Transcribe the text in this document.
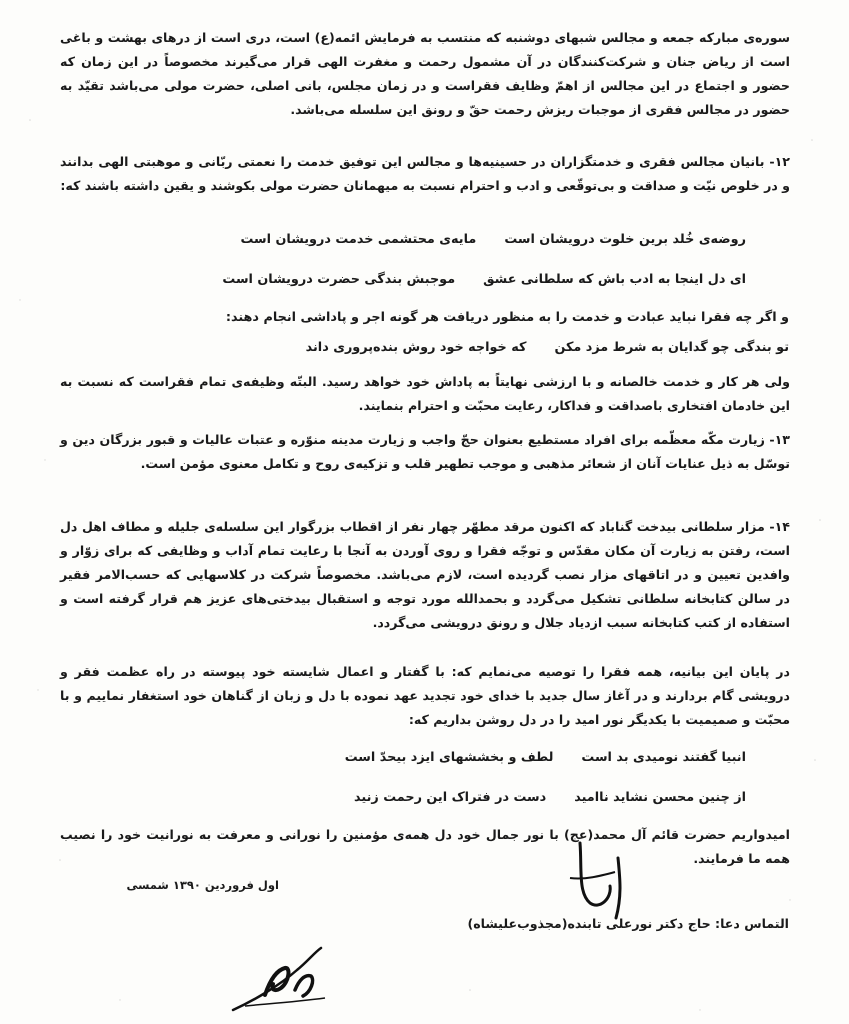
سوره‌ی مبارکه جمعه و مجالس شبهای دوشنبه که منتسب به فرمایش ائمه(ع) است، دری است از درهای بهشت و باغی است از ریاض جنان و شرکت‌کنندگان در آن مشمول رحمت و مغفرت الهی قرار می‌گیرند مخصوصاً در این زمان که حضور و اجتماع در این مجالس از اهمّ وظایف فقراست و در زمان مجلس، بانی اصلی، حضرت مولی می‌باشد تقیّد به حضور در مجالس فقری از موجبات ریزش رحمت حقّ و رونق این سلسله می‌باشد.
۱۲- بانیان مجالس فقری و خدمتگزاران در حسینیه‌ها و مجالس این توفیق خدمت را نعمتی ربّانی و موهبتی الهی بدانند و در خلوص نیّت و صداقت و بی‌توقّعی و ادب و احترام نسبت به میهمانان حضرت مولی بکوشند و یقین داشته باشند که:
روضه‌ی خُلد برین خلوت درویشان استمایه‌ی محتشمی خدمت درویشان است
ای دل اینجا به ادب باش که سلطانی عشقموجبش بندگی حضرت درویشان است
و اگر چه فقرا نباید عبادت و خدمت را به منظور دریافت هر گونه اجر و پاداشی انجام دهند:
تو بندگی چو گدایان به شرط مزد مکنکه خواجه خود روش بنده‌پروری داند
ولی هر کار و خدمت خالصانه و با ارزشی نهایتاً به پاداش خود خواهد رسید. البتّه وظیفه‌ی تمام فقراست که نسبت به این خادمان افتخاری باصداقت و فداکار، رعایت محبّت و احترام بنمایند.
۱۳- زیارت مکّه معظّمه برای افراد مستطیع بعنوان حجّ واجب و زیارت مدینه منوّره و عتبات عالیات و قبور بزرگان دین و توسّل به ذیل عنایات آنان از شعائر مذهبی و موجب تطهیر قلب و تزکیه‌ی روح و تکامل معنوی مؤمن است.
۱۴- مزار سلطانی بیدخت گناباد که اکنون مرقد مطهّر چهار نفر از اقطاب بزرگوار این سلسله‌ی جلیله و مطاف اهل دل است، رفتن به زیارت آن مکان مقدّس و توجّه فقرا و روی آوردن به آنجا با رعایت تمام آداب و وظایفی که برای زوّار و وافدین تعیین و در اتاقهای مزار نصب گردیده است، لازم می‌باشد. مخصوصاً شرکت در کلاسهایی که حسب‌الامر فقیر در سالن کتابخانه سلطانی تشکیل می‌گردد و بحمدالله مورد توجه و استقبال بیدختی‌های عزیز هم قرار گرفته است و استفاده از کتب کتابخانه سبب ازدیاد جلال و رونق درویشی می‌گردد.
در پایان این بیانیه، همه فقرا را توصیه می‌نمایم که: با گفتار و اعمال شایسته خود پیوسته در راه عظمت فقر و درویشی گام بردارند و در آغاز سال جدید با خدای خود تجدید عهد نموده با دل و زبان از گناهان خود استغفار نماییم و با محبّت و صمیمیت با یکدیگر نور امید را در دل روشن بداریم که:
انبیا گفتند نومیدی بد استلطف و بخششهای ایزد بیحدّ است
از چنین محسن نشاید ناامیددست در فتراک این رحمت زنید
امیدواریم حضرت قائم آل محمد(عج) با نور جمال خود دل همه‌ی مؤمنین را نورانی و معرفت به نورانیت خود را نصیب همه ما فرمایند.
اول فروردین ۱۳۹۰ شمسی
التماس دعا: حاج دکتر نورعلی تابنده(مجذوب‌علیشاه)
